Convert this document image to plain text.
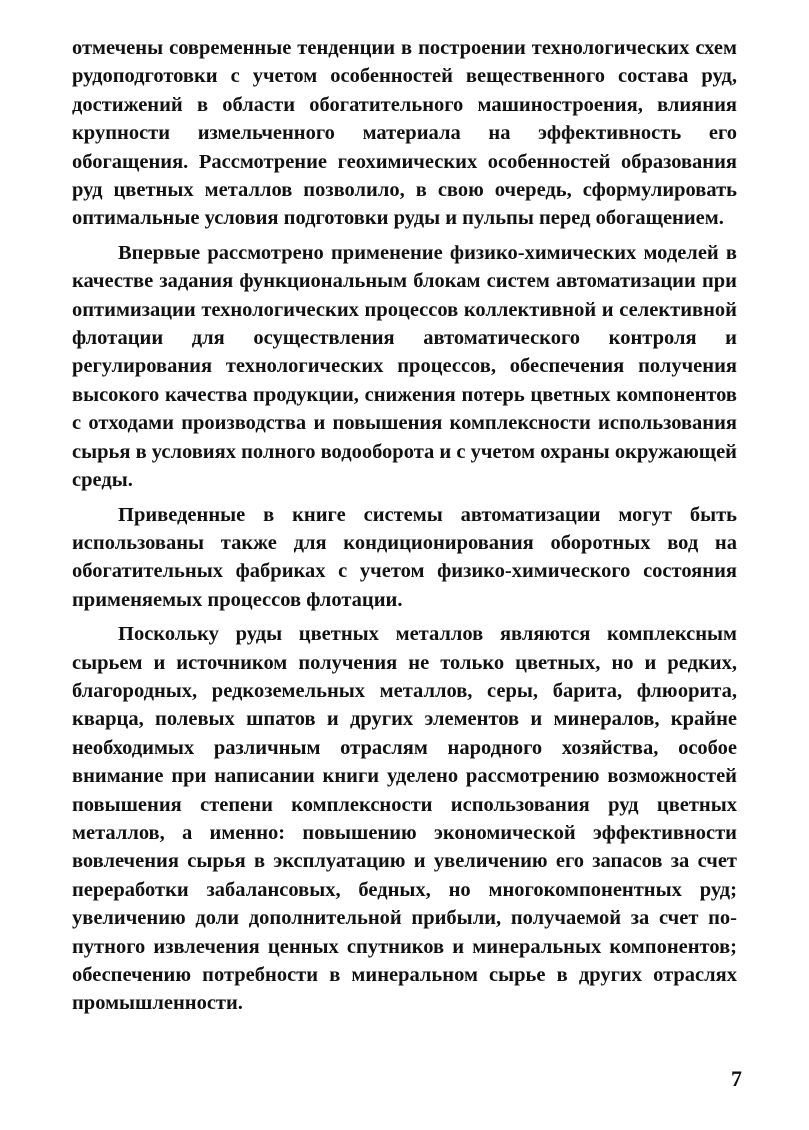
отмечены современные тенденции в построении технологических схем рудоподготовки с учетом особенностей вещественного состава руд, достижений в области обогатительного машиностроения, влияния крупности измельченного материала на эффективность его обогащения. Рассмотрение геохимических особенностей образования руд цветных металлов позволило, в свою очередь, сформулировать оптимальные условия подготовки руды и пульпы перед обогащением.

Впервые рассмотрено применение физико-химических моделей в качестве задания функциональным блокам систем автоматизации при оптимизации технологических процессов коллективной и селективной флотации для осуществления автоматического контроля и регулирования технологических процессов, обеспечения получения высокого качества продукции, снижения потерь цветных компонентов с отходами производства и повышения комплексности использования сырья в условиях полного водооборота и с учетом охраны окружающей среды.

Приведенные в книге системы автоматизации могут быть использованы также для кондиционирования оборотных вод на обогатительных фабриках с учетом физико-химического состояния применяемых процессов флотации.

Поскольку руды цветных металлов являются комплексным сырьем и источником получения не только цветных, но и редких, благородных, редкоземельных металлов, серы, барита, флюорита, кварца, полевых шпатов и других элементов и минералов, крайне необходимых различным отраслям народного хозяйства, особое внимание при написании книги уделено рассмотрению возможностей повышения степени комплексности использования руд цветных металлов, а именно: повышению экономической эффективности вовлечения сырья в эксплуатацию и увеличению его запасов за счет переработки забалансовых, бедных, но многокомпонентных руд; увеличению доли дополнительной прибыли, получаемой за счет попутного извлечения ценных спутников и минеральных компонентов; обеспечению потребности в минеральном сырье в других отраслях промышленности.

7
